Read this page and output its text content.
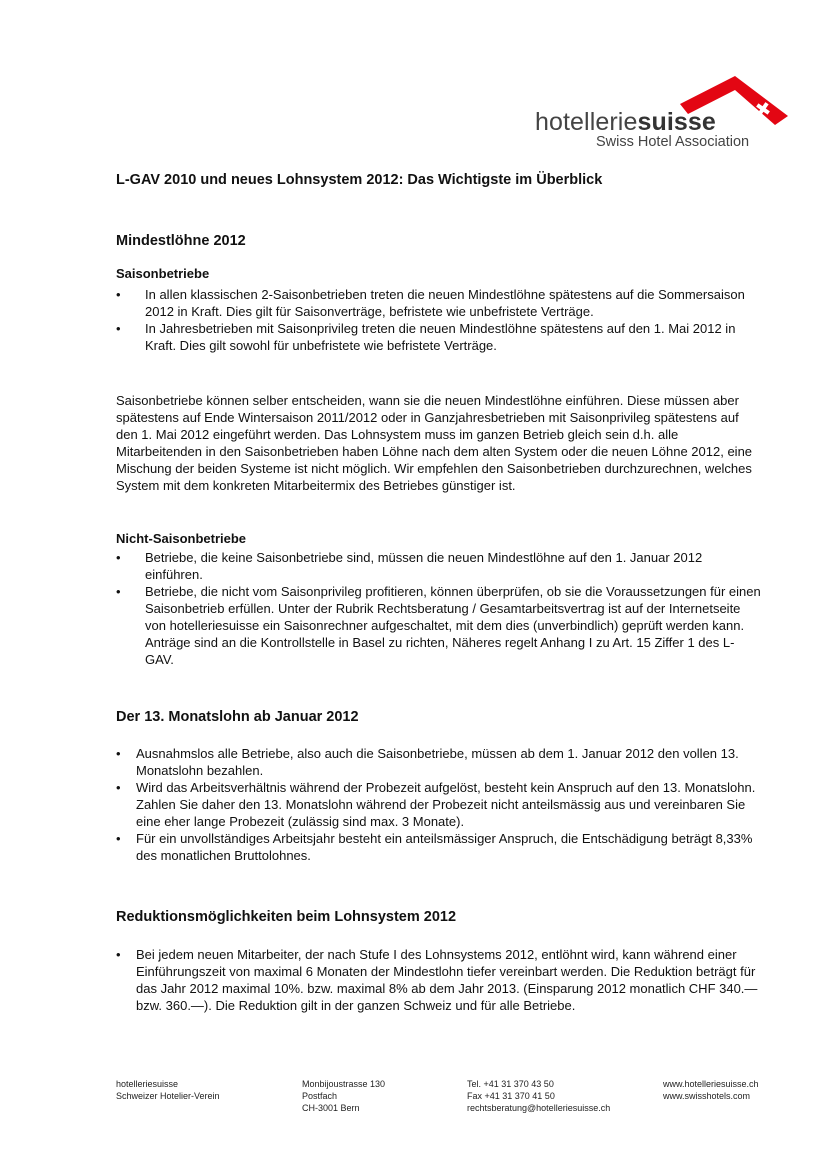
hotelleriesuisse
Swiss Hotel Association
L-GAV 2010 und neues Lohnsystem 2012: Das Wichtigste im Überblick
Mindestlöhne 2012
Saisonbetriebe
• In allen klassischen 2-Saisonbetrieben treten die neuen Mindestlöhne spätestens auf die Sommersaison 2012 in Kraft. Dies gilt für Saisonverträge, befristete wie unbefristete Verträge.
• In Jahresbetrieben mit Saisonprivileg treten die neuen Mindestlöhne spätestens auf den 1. Mai 2012 in Kraft. Dies gilt sowohl für unbefristete wie befristete Verträge.

Saisonbetriebe können selber entscheiden, wann sie die neuen Mindestlöhne einführen. Diese müssen aber spätestens auf Ende Wintersaison 2011/2012 oder in Ganzjahresbetrieben mit Saisonprivileg spätestens auf den 1. Mai 2012 eingeführt werden. Das Lohnsystem muss im ganzen Betrieb gleich sein d.h. alle Mitarbeitenden in den Saisonbetrieben haben Löhne nach dem alten System oder die neuen Löhne 2012, eine Mischung der beiden Systeme ist nicht möglich. Wir empfehlen den Saisonbetrieben durchzurechnen, welches System mit dem konkreten Mitarbeitermix des Betriebes günstiger ist.

Nicht-Saisonbetriebe
• Betriebe, die keine Saisonbetriebe sind, müssen die neuen Mindestlöhne auf den 1. Januar 2012 einführen.
• Betriebe, die nicht vom Saisonprivileg profitieren, können überprüfen, ob sie die Voraussetzungen für einen Saisonbetrieb erfüllen. Unter der Rubrik Rechtsberatung / Gesamtarbeitsvertrag ist auf der Internetseite von hotelleriesuisse ein Saisonrechner aufgeschaltet, mit dem dies (unverbindlich) geprüft werden kann. Anträge sind an die Kontrollstelle in Basel zu richten, Näheres regelt Anhang I zu Art. 15 Ziffer 1 des L-GAV.
Der 13. Monatslohn ab Januar 2012
• Ausnahmslos alle Betriebe, also auch die Saisonbetriebe, müssen ab dem 1. Januar 2012 den vollen 13. Monatslohn bezahlen.
• Wird das Arbeitsverhältnis während der Probezeit aufgelöst, besteht kein Anspruch auf den 13. Monatslohn. Zahlen Sie daher den 13. Monatslohn während der Probezeit nicht anteilsmässig aus und vereinbaren Sie eine eher lange Probezeit (zulässig sind max. 3 Monate).
• Für ein unvollständiges Arbeitsjahr besteht ein anteilsmässiger Anspruch, die Entschädigung beträgt 8,33% des monatlichen Bruttolohnes.
Reduktionsmöglichkeiten beim Lohnsystem 2012
• Bei jedem neuen Mitarbeiter, der nach Stufe I des Lohnsystems 2012, entlöhnt wird, kann während einer Einführungszeit von maximal 6 Monaten der Mindestlohn tiefer vereinbart werden. Die Reduktion beträgt für das Jahr 2012 maximal 10%. bzw. maximal 8% ab dem Jahr 2013. (Einsparung 2012 monatlich CHF 340.— bzw. 360.—). Die Reduktion gilt in der ganzen Schweiz und für alle Betriebe.
hotelleriesuisse
Schweizer Hotelier-Verein
Monbijoustrasse 130
Postfach
CH-3001 Bern
Tel. +41 31 370 43 50
Fax +41 31 370 41 50
rechtsberatung@hotelleriesuisse.ch
www.hotelleriesuisse.ch
www.swisshotels.com
